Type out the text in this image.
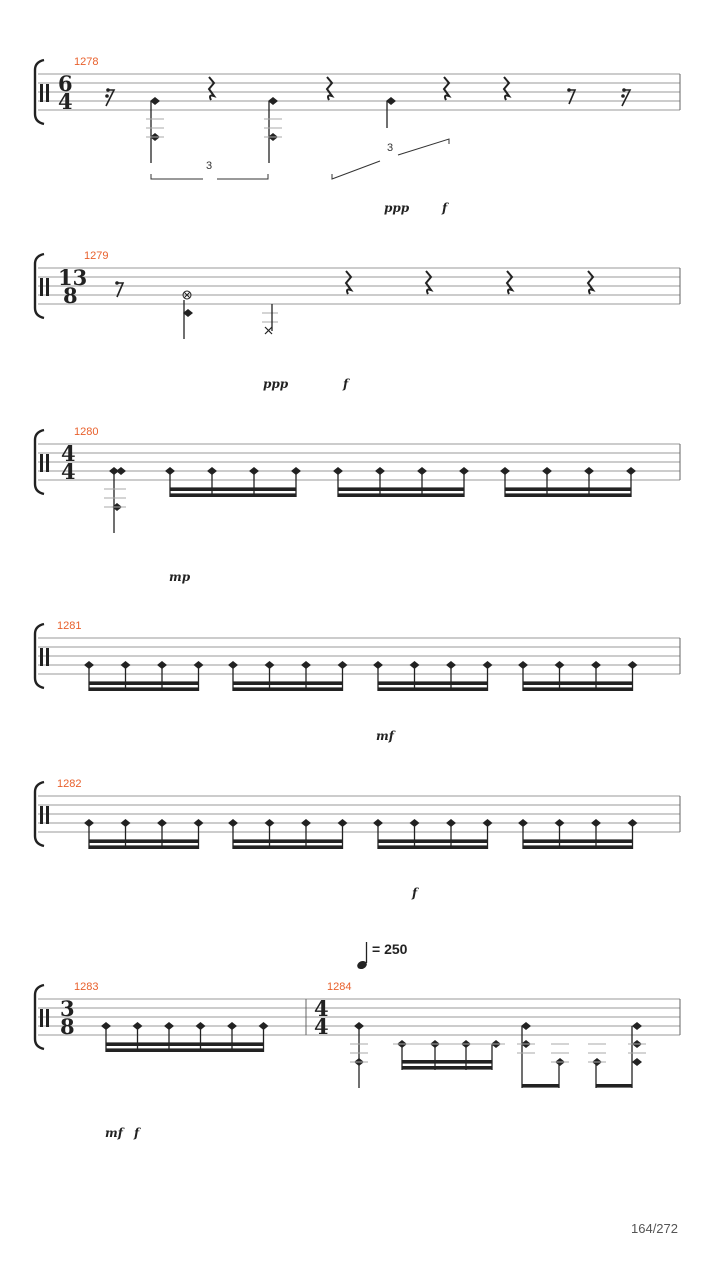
1278
6
4
3
3
ppp	f
1279
13
8
ppp	f
1280
4
4
mp
1281
mf
1282
f
= 250
1283
3
8
1284
4
4
mf f
164/272
